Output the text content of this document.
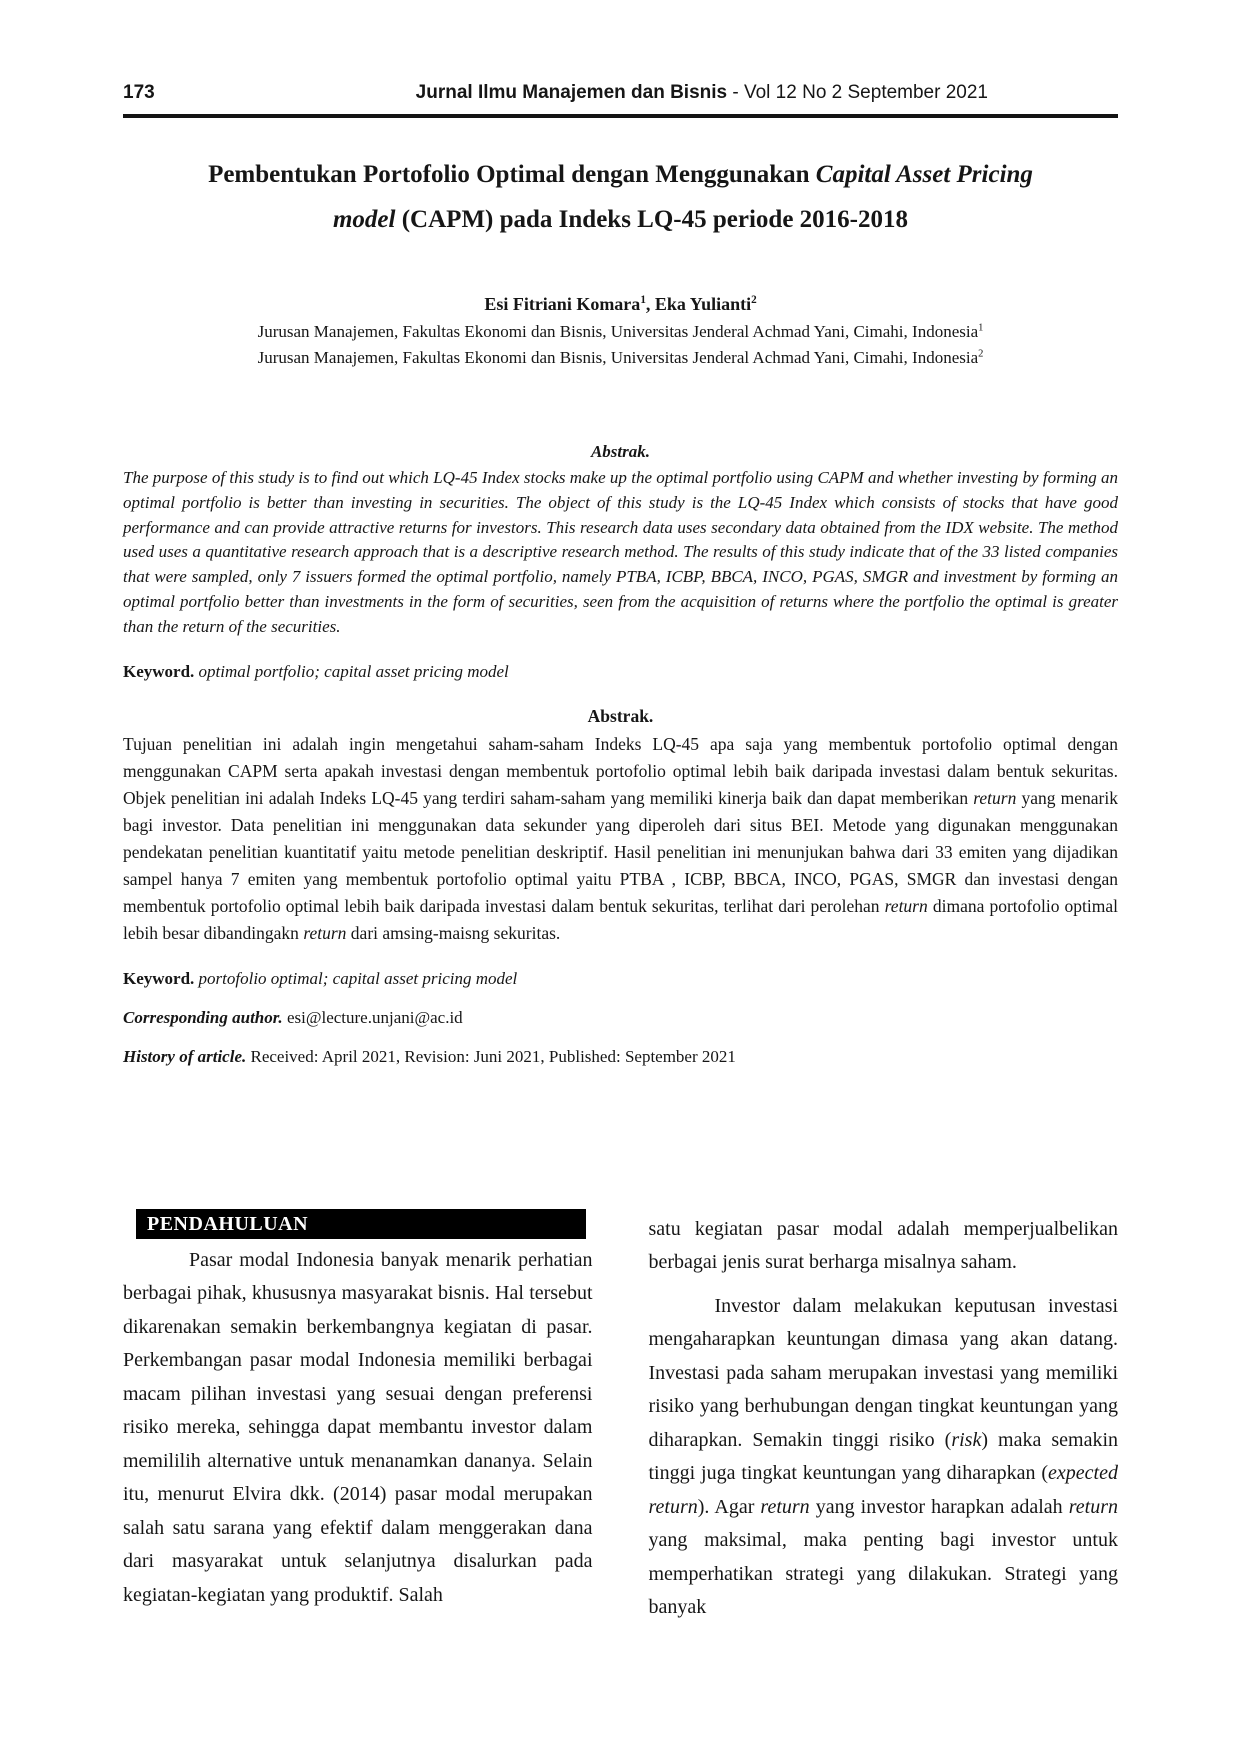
173	Jurnal Ilmu Manajemen dan Bisnis - Vol 12 No 2 September 2021
Pembentukan Portofolio Optimal dengan Menggunakan Capital Asset Pricing
model (CAPM) pada Indeks LQ-45 periode 2016-2018
Esi Fitriani Komara$^1$, Eka Yulianti$^2$
Jurusan Manajemen, Fakultas Ekonomi dan Bisnis, Universitas Jenderal Achmad Yani, Cimahi, Indonesia$^1$
Jurusan Manajemen, Fakultas Ekonomi dan Bisnis, Universitas Jenderal Achmad Yani, Cimahi, Indonesia$^2$
Abstrak.
The purpose of this study is to find out which LQ-45 Index stocks make up the optimal portfolio using CAPM and whether investing by forming an optimal portfolio is better than investing in securities. The object of this study is the LQ-45 Index which consists of stocks that have good performance and can provide attractive returns for investors. This research data uses secondary data obtained from the IDX website. The method used uses a quantitative research approach that is a descriptive research method. The results of this study indicate that of the 33 listed companies that were sampled, only 7 issuers formed the optimal portfolio, namely PTBA, ICBP, BBCA, INCO, PGAS, SMGR and investment by forming an optimal portfolio better than investments in the form of securities, seen from the acquisition of returns where the portfolio the optimal is greater than the return of the securities.
Keyword. optimal portfolio; capital asset pricing model
Abstrak.
Tujuan penelitian ini adalah ingin mengetahui saham-saham Indeks LQ-45 apa saja yang membentuk portofolio optimal dengan menggunakan CAPM serta apakah investasi dengan membentuk portofolio optimal lebih baik daripada investasi dalam bentuk sekuritas. Objek penelitian ini adalah Indeks LQ-45 yang terdiri saham-saham yang memiliki kinerja baik dan dapat memberikan return yang menarik bagi investor. Data penelitian ini menggunakan data sekunder yang diperoleh dari situs BEI. Metode yang digunakan menggunakan pendekatan penelitian kuantitatif yaitu metode penelitian deskriptif. Hasil penelitian ini menunjukan bahwa dari 33 emiten yang dijadikan sampel hanya 7 emiten yang membentuk portofolio optimal yaitu PTBA , ICBP, BBCA, INCO, PGAS, SMGR dan investasi dengan membentuk portofolio optimal lebih baik daripada investasi dalam bentuk sekuritas, terlihat dari perolehan return dimana portofolio optimal lebih besar dibandingakn return dari amsing-maisng sekuritas.
Keyword. portofolio optimal; capital asset pricing model
Corresponding author. esi@lecture.unjani@ac.id
History of article. Received: April 2021, Revision: Juni 2021, Published: September 2021
PENDAHULUAN

Pasar modal Indonesia banyak menarik perhatian berbagai pihak, khususnya masyarakat bisnis. Hal tersebut dikarenakan semakin berkembangnya kegiatan di pasar. Perkembangan pasar modal Indonesia memiliki berbagai macam pilihan investasi yang sesuai dengan preferensi risiko mereka, sehingga dapat membantu investor dalam memililih alternative untuk menanamkan dananya. Selain itu, menurut Elvira dkk. (2014) pasar modal merupakan salah satu sarana yang efektif dalam menggerakan dana dari masyarakat untuk selanjutnya disalurkan pada kegiatan-kegiatan yang produktif. Salah

satu kegiatan pasar modal adalah memperjualbelikan berbagai jenis surat berharga misalnya saham.

Investor dalam melakukan keputusan investasi mengaharapkan keuntungan dimasa yang akan datang. Investasi pada saham merupakan investasi yang memiliki risiko yang berhubungan dengan tingkat keuntungan yang diharapkan. Semakin tinggi risiko (risk) maka semakin tinggi juga tingkat keuntungan yang diharapkan (expected return). Agar return yang investor harapkan adalah return yang maksimal, maka penting bagi investor untuk memperhatikan strategi yang dilakukan. Strategi yang banyak
